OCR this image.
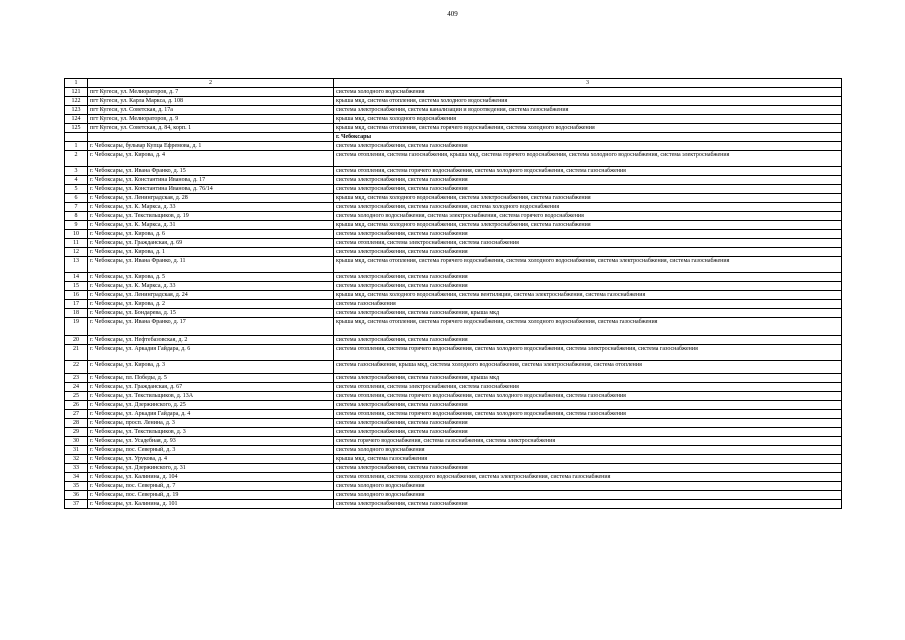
409
1	2	3
121	пгт Кугеси, ул. Мелиораторов, д. 7	система холодного водоснабжения
122	пгт Кугеси, ул. Карла Маркса, д. 108	крыша мкд, система отопления, система холодного водоснабжения
123	пгт Кугеси, ул. Советская, д. 17а	система электроснабжения, система канализации и водоотведения, система газоснабжения
124	пгт Кугеси, ул. Мелиораторов, д. 9	крыша мкд, система холодного водоснабжения
125	пгт Кугеси, ул. Советская, д. 84, корп. 1	крыша мкд, система отопления, система горячего водоснабжения, система холодного водоснабжения
		г. Чебоксары
1	г. Чебоксары, бульвар Купца Ефремова, д. 1	система электроснабжения, система газоснабжения
2	г. Чебоксары, ул. Кирова, д. 4	система отопления, система газоснабжения, крыша мкд, система горячего водоснабжения, система холодного водоснабжения, система электроснабжения
3	г. Чебоксары, ул. Ивана Франко, д. 15	система отопления, система горячего водоснабжения, система холодного водоснабжения, система газоснабжения
4	г. Чебоксары, ул. Константина Иванова, д. 17	система электроснабжения, система газоснабжения
5	г. Чебоксары, ул. Константина Иванова, д. 76/14	система электроснабжения, система газоснабжения
6	г. Чебоксары, ул. Ленинградская, д. 28	крыша мкд, система холодного водоснабжения, система электроснабжения, система газоснабжения
7	г. Чебоксары, ул. К. Маркса, д. 33	система электроснабжения, система газоснабжения, система холодного водоснабжения
8	г. Чебоксары, ул. Текстильщиков, д. 19	система холодного водоснабжения, система электроснабжения, система горячего водоснабжения
9	г. Чебоксары, ул. К. Маркса, д. 31	крыша мкд, система холодного водоснабжения, система электроснабжения, система газоснабжения
10	г. Чебоксары, ул. Кирова, д. 6	система электроснабжения, система газоснабжения
11	г. Чебоксары, ул. Гражданская, д. 69	система отопления, система электроснабжения, система газоснабжения
12	г. Чебоксары, ул. Кирова, д. 1	система электроснабжения, система газоснабжения
13	г. Чебоксары, ул. Ивана Франко, д. 11	крыша мкд, система отопления, система горячего водоснабжения, система холодного водоснабжения, система электроснабжения, система газоснабжения
14	г. Чебоксары, ул. Кирова, д. 5	система электроснабжения, система газоснабжения
15	г. Чебоксары, ул. К. Маркса, д. 33	система электроснабжения, система газоснабжения
16	г. Чебоксары, ул. Ленинградская, д. 24	крыша мкд, система холодного водоснабжения, система вентиляции, система электроснабжения, система газоснабжения
17	г. Чебоксары, ул. Кирова, д. 2	система газоснабжения
18	г. Чебоксары, ул. Бондарева, д. 15	система электроснабжения, система газоснабжения, крыша мкд
19	г. Чебоксары, ул. Ивана Франко, д. 17	крыша мкд, система отопления, система горячего водоснабжения, система холодного водоснабжения, система газоснабжения
20	г. Чебоксары, ул. Нефтебазовская, д. 2	система электроснабжения, система газоснабжения
21	г. Чебоксары, ул. Аркадия Гайдара, д. 6	система отопления, система горячего водоснабжения, система холодного водоснабжения, система электроснабжения, система газоснабжения
22	г. Чебоксары, ул. Кирова, д. 3	система газоснабжения, крыша мкд, система холодного водоснабжения, система электроснабжения, система отопления
23	г. Чебоксары, пл. Победы, д. 5	система электроснабжения, система газоснабжения, крыша мкд
24	г. Чебоксары, ул. Гражданская, д. 67	система отопления, система электроснабжения, система газоснабжения
25	г. Чебоксары, ул. Текстильщиков, д. 13А	система отопления, система горячего водоснабжения, система холодного водоснабжения, система газоснабжения
26	г. Чебоксары, ул. Дзержинского, д. 25	система электроснабжения, система газоснабжения
27	г. Чебоксары, ул. Аркадия Гайдара, д. 4	система отопления, система горячего водоснабжения, система холодного водоснабжения, система газоснабжения
28	г. Чебоксары, просп. Ленина, д. 3	система электроснабжения, система газоснабжения
29	г. Чебоксары, ул. Текстильщиков, д. 3	система электроснабжения, система газоснабжения
30	г. Чебоксары, ул. Усадебная, д. 93	система горячего водоснабжения, система газоснабжения, система электроснабжения
31	г. Чебоксары, пос. Северный, д. 3	система холодного водоснабжения
32	г. Чебоксары, ул. Урукова, д. 4	крыша мкд, система газоснабжения
33	г. Чебоксары, ул. Дзержинского, д. 31	система электроснабжения, система газоснабжения
34	г. Чебоксары, ул. Калинина, д. 104	система отопления, система холодного водоснабжения, система электроснабжения, система газоснабжения
35	г. Чебоксары, пос. Северный, д. 7	система холодного водоснабжения
36	г. Чебоксары, пос. Северный, д. 19	система холодного водоснабжения
37	г. Чебоксары, ул. Калинина, д. 101	система электроснабжения, система газоснабжения
